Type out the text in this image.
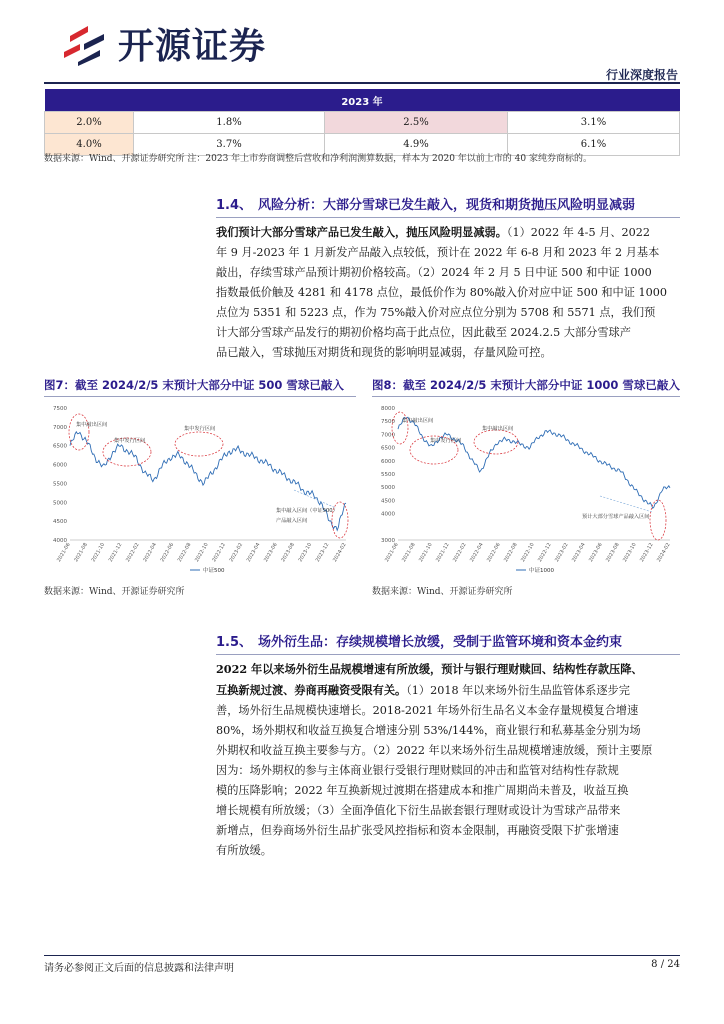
开源证券
行业深度报告
2023 年			
2.0%	1.8%	2.5%	3.1%
4.0%	3.7%	4.9%	6.1%
数据来源：Wind、开源证券研究所 注：2023 年上市券商调整后营收和净利润测算数据，样本为 2020 年以前上市的 40 家纯券商标的。
1.4、 风险分析：大部分雪球已发生敲入，现货和期货抛压风险明显减弱
我们预计大部分雪球产品已发生敲入，抛压风险明显减弱。（1）2022 年 4-5 月、2022
年 9 月-2023 年 1 月新发产品敲入点较低，预计在 2022 年 6-8 月和 2023 年 2 月基本
敲出，存续雪球产品预计期初价格较高。（2）2024 年 2 月 5 日中证 500 和中证 1000
指数最低价触及 4281 和 4178 点位，最低价作为 80%敲入价对应中证 500 和中证 1000
点位为 5351 和 5223 点，作为 75%敲入价对应点位分别为 5708 和 5571 点，我们预
计大部分雪球产品发行的期初价格均高于此点位，因此截至 2024.2.5 大部分雪球产
品已敲入，雪球抛压对期货和现货的影响明显减弱，存量风险可控。
图7：截至 2024/2/5 末预计大部分中证 500 雪球已敲入
4000
4500
5000
5500
6000
6500
7000
7500
2021-06 2021-08 2021-10 2021-12 2022-02 2022-04 2022-06 2022-08 2022-10 2022-12 2023-02 2023-04 2023-06 2023-08 2023-10 2023-12 2024-02
集中敲出区间
集中发行区间
集中发行区间
集中敲入区间（中证500）
产品敲入区间
中证500
数据来源：Wind、开源证券研究所
图8：截至 2024/2/5 末预计大部分中证 1000 雪球已敲入
3000
4000
4500
5000
5500
6000
6500
7000
7500
8000
2021-06 2021-08 2021-10 2021-12 2022-02 2022-04 2022-06 2022-08 2022-10 2022-12 2023-02 2023-04 2023-06 2023-08 2023-10 2023-12 2024-02
集中敲出区间
集中发行区间
集中敲出区间
预计大部分雪球产品敲入区间
中证1000
数据来源：Wind、开源证券研究所
1.5、 场外衍生品：存续规模增长放缓，受制于监管环境和资本金约束
2022 年以来场外衍生品规模增速有所放缓，预计与银行理财赎回、结构性存款压降、
互换新规过渡、券商再融资受限有关。（1）2018 年以来场外衍生品监管体系逐步完
善，场外衍生品规模快速增长。2018-2021 年场外衍生品名义本金存量规模复合增速
80%，场外期权和收益互换复合增速分别 53%/144%，商业银行和私募基金分别为场
外期权和收益互换主要参与方。（2）2022 年以来场外衍生品规模增速放缓，预计主要原
因为：场外期权的参与主体商业银行受银行理财赎回的冲击和监管对结构性存款规
模的压降影响；2022 年互换新规过渡期在搭建成本和推广周期尚未普及，收益互换
增长规模有所放缓；（3）全面净值化下衍生品嵌套银行理财或设计为雪球产品带来
新增点，但券商场外衍生品扩张受风控指标和资本金限制，再融资受限下扩张增速
有所放缓。
请务必参阅正文后面的信息披露和法律声明	8 / 24
